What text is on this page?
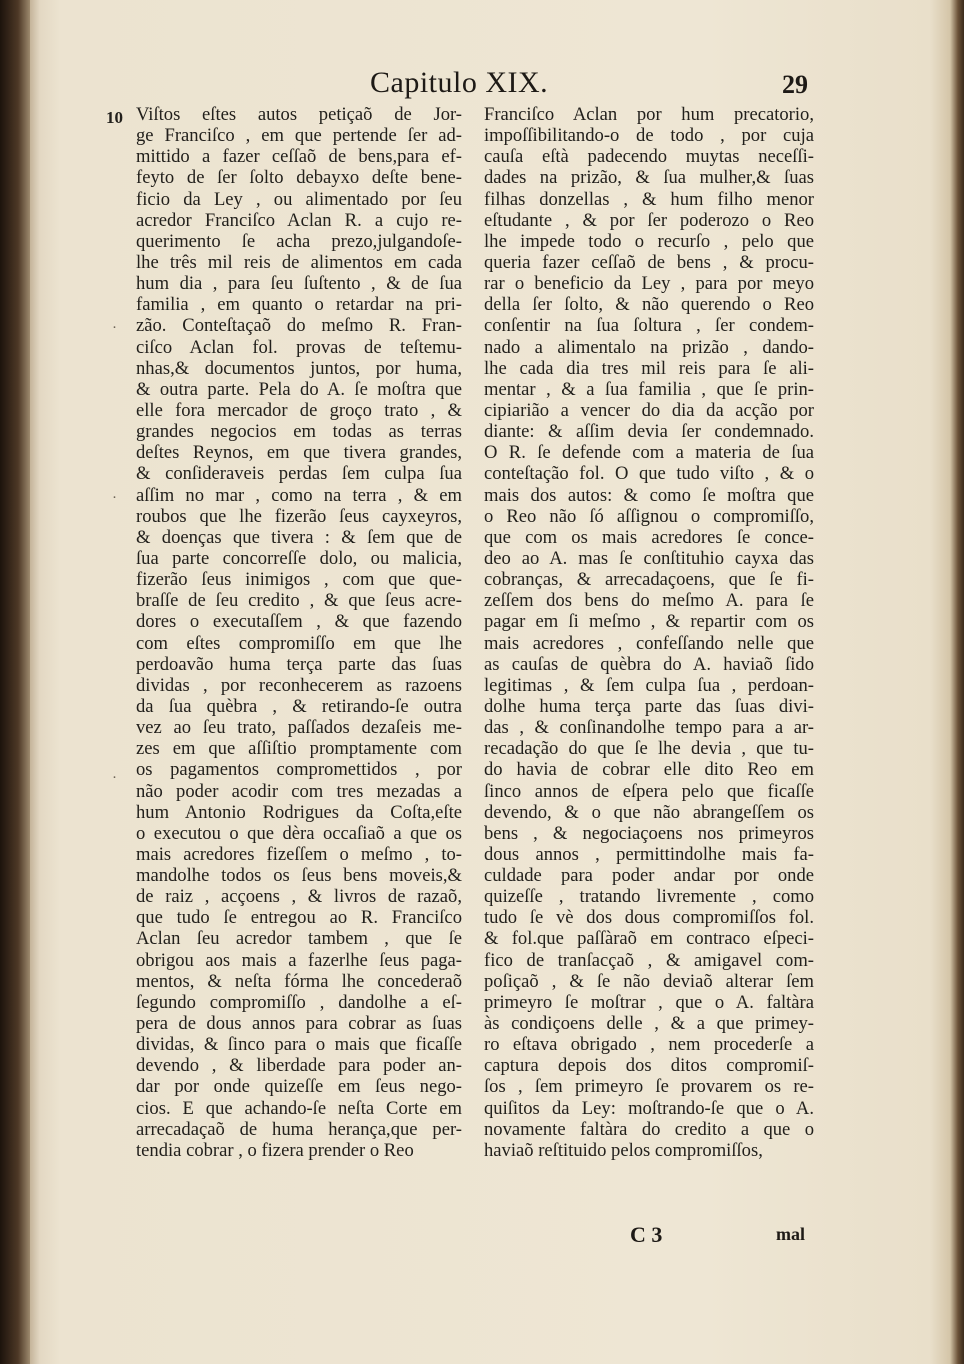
Capitulo XIX.	29
10
·
·
·
Viſtos eſtes autos petiçaõ de Jor-
ge Franciſco , em que pertende ſer ad-
mittido a fazer ceſſaõ de bens,para ef-
feyto de ſer ſolto debayxo deſte bene-
ficio da Ley , ou alimentado por ſeu
acredor Franciſco Aclan R. a cujo re-
querimento ſe acha prezo,julgandoſe-
lhe três mil reis de alimentos em cada
hum dia , para ſeu ſuſtento , & de ſua
familia , em quanto o retardar na pri-
zão. Conteſtaçaõ do meſmo R. Fran-
ciſco Aclan fol. provas de teſtemu-
nhas,& documentos juntos, por huma,
& outra parte. Pela do A. ſe moſtra que
elle fora mercador de groço trato , &
grandes negocios em todas as terras
deſtes Reynos, em que tivera grandes,
& conſideraveis perdas ſem culpa ſua
aſſim no mar , como na terra , & em
roubos que lhe fizerão ſeus cayxeyros,
& doenças que tivera : & ſem que de
ſua parte concorreſſe dolo, ou malicia,
fizerão ſeus inimigos , com que que-
braſſe de ſeu credito , & que ſeus acre-
dores o executaſſem , & que fazendo
com eſtes compromiſſo em que lhe
perdoavão huma terça parte das ſuas
dividas , por reconhecerem as razoens
da ſua quèbra , & retirando-ſe outra
vez ao ſeu trato, paſſados dezaſeis me-
zes em que aſſiſtio promptamente com
os pagamentos compromettidos , por
não poder acodir com tres mezadas a
hum Antonio Rodrigues da Coſta,eſte
o executou o que dèra occaſiaõ a que os
mais acredores fizeſſem o meſmo , to-
mandolhe todos os ſeus bens moveis,&
de raiz , acçoens , & livros de razaõ,
que tudo ſe entregou ao R. Franciſco
Aclan ſeu acredor tambem , que ſe
obrigou aos mais a fazerlhe ſeus paga-
mentos, & neſta fórma lhe concederaõ
ſegundo compromiſſo , dandolhe a eſ-
pera de dous annos para cobrar as ſuas
dividas, & ſinco para o mais que ficaſſe
devendo , & liberdade para poder an-
dar por onde quizeſſe em ſeus nego-
cios. E que achando-ſe neſta Corte em
arrecadaçaõ de huma herança,que per-
tendia cobrar , o fizera prender o Reo
Franciſco Aclan por hum precatorio,
impoſſibilitando-o de todo , por cuja
cauſa eſtà padecendo muytas neceſſi-
dades na prizão, & ſua mulher,& ſuas
filhas donzellas , & hum filho menor
eſtudante , & por ſer poderozo o Reo
lhe impede todo o recurſo , pelo que
queria fazer ceſſaõ de bens , & procu-
rar o beneficio da Ley , para por meyo
della ſer ſolto, & não querendo o Reo
conſentir na ſua ſoltura , ſer condem-
nado a alimentalo na prizão , dando-
lhe cada dia tres mil reis para ſe ali-
mentar , & a ſua familia , que ſe prin-
cipiarião a vencer do dia da acção por
diante: & aſſim devia ſer condemnado.
O R. ſe defende com a materia de ſua
conteſtação fol. O que tudo viſto , & o
mais dos autos: & como ſe moſtra que
o Reo não ſó aſſignou o compromiſſo,
que com os mais acredores ſe conce-
deo ao A. mas ſe conſtituhio cayxa das
cobranças, & arrecadaçoens, que ſe fi-
zeſſem dos bens do meſmo A. para ſe
pagar em ſi meſmo , & repartir com os
mais acredores , confeſſando nelle que
as cauſas de quèbra do A. haviaõ ſido
legitimas , & ſem culpa ſua , perdoan-
dolhe huma terça parte das ſuas divi-
das , & conſinandolhe tempo para a ar-
recadação do que ſe lhe devia , que tu-
do havia de cobrar elle dito Reo em
ſinco annos de eſpera pelo que ficaſſe
devendo, & o que não abrangeſſem os
bens , & negociaçoens nos primeyros
dous annos , permittindolhe mais fa-
culdade para poder andar por onde
quizeſſe , tratando livremente , como
tudo ſe vè dos dous compromiſſos fol.
& fol.que paſſàraõ em contraco eſpeci-
fico de tranſacçaõ , & amigavel com-
poſiçaõ , & ſe não deviaõ alterar ſem
primeyro ſe moſtrar , que o A. faltàra
às condiçoens delle , & a que primey-
ro eſtava obrigado , nem procederſe a
captura depois dos ditos compromiſ-
ſos , ſem primeyro ſe provarem os re-
quiſitos da Ley: moſtrando-ſe que o A.
novamente faltàra do credito a que o
haviaõ reſtituido pelos compromiſſos,
C 3	mal
